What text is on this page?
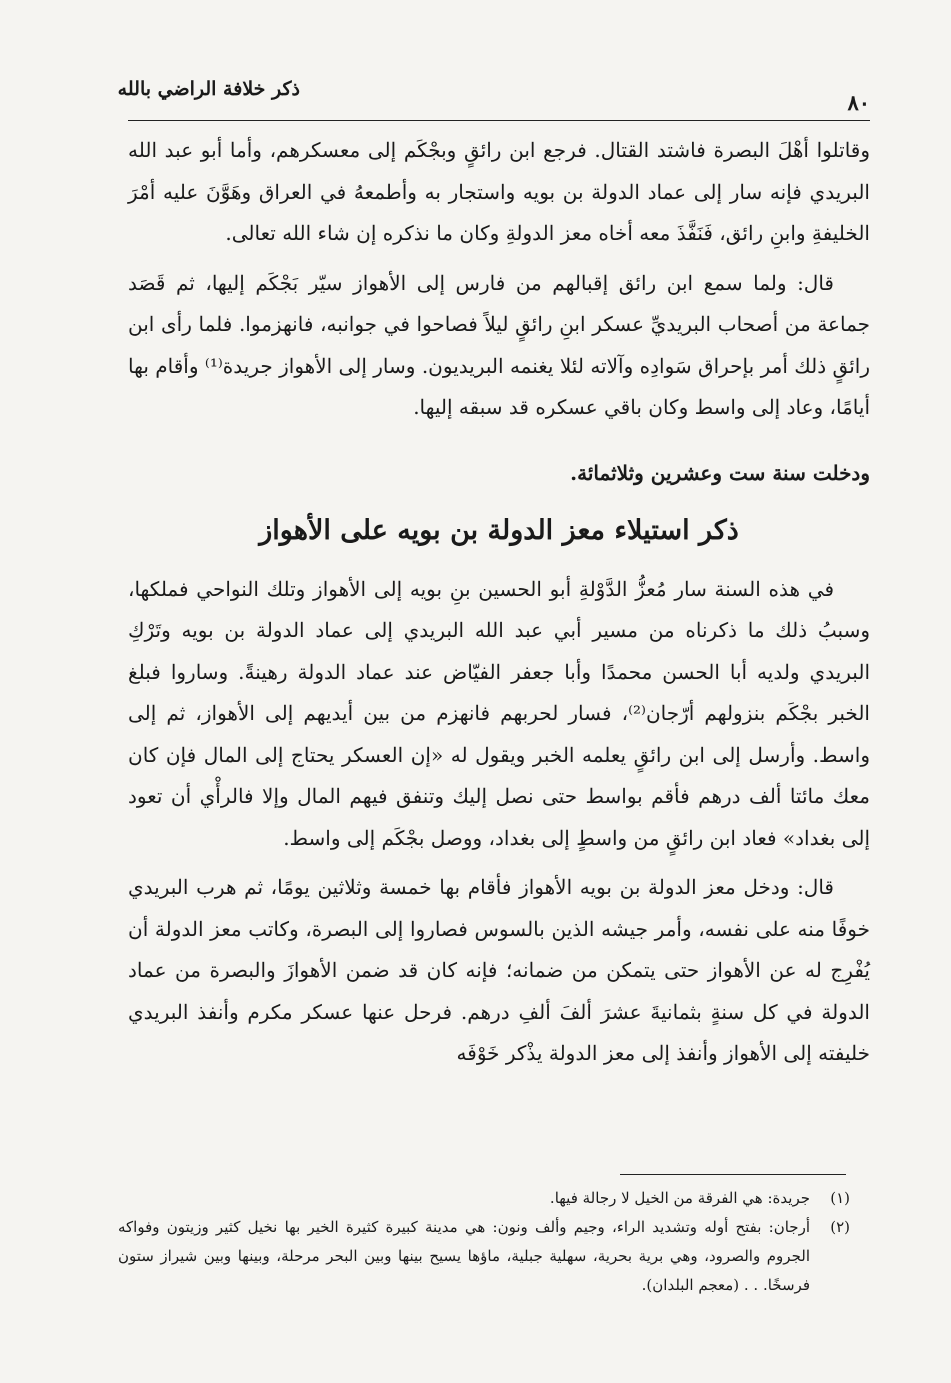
ذكر خلافة الراضي بالله
٨٠

وقاتلوا أهْلَ البصرة فاشتد القتال. فرجع ابن رائقٍ وبجْكَم إلى معسكرهم، وأما أبو عبد الله البريدي فإنه سار إلى عماد الدولة بن بويه واستجار به وأطمعهُ في العراق وهَوَّنَ عليه أمْرَ الخليفةِ وابنِ رائق، فَنَفَّذَ معه أخاه معز الدولةِ وكان ما نذكره إن شاء الله تعالى.

قال: ولما سمع ابن رائق إقبالهم من فارس إلى الأهواز سيّر بَجْكَم إليها، ثم قَصَد جماعة من أصحاب البريديِّ عسكر ابنِ رائقٍ ليلاً فصاحوا في جوانبه، فانهزموا. فلما رأى ابن رائقٍ ذلك أمر بإحراق سَوادِه وآلاته لئلا يغنمه البريديون. وسار إلى الأهواز جريدة⁽¹⁾ وأقام بها أيامًا، وعاد إلى واسط وكان باقي عسكره قد سبقه إليها.

ودخلت سنة ست وعشرين وثلاثمائة.

ذكر استيلاء معز الدولة بن بويه على الأهواز

في هذه السنة سار مُعزُّ الدَّوْلةِ أبو الحسين بنِ بويه إلى الأهواز وتلك النواحي فملكها، وسببُ ذلك ما ذكرناه من مسير أبي عبد الله البريدي إلى عماد الدولة بن بويه وتَرْكِ البريدي ولديه أبا الحسن محمدًا وأبا جعفر الفيّاض عند عماد الدولة رهينةً. وساروا فبلغ الخبر بجْكَم بنزولهم أرّجان⁽²⁾، فسار لحربهم فانهزم من بين أيديهم إلى الأهواز، ثم إلى واسط. وأرسل إلى ابن رائقٍ يعلمه الخبر ويقول له «إن العسكر يحتاج إلى المال فإن كان معك مائتا ألف درهم فأقم بواسط حتى نصل إليك وتنفق فيهم المال وإلا فالرأْي أن تعود إلى بغداد» فعاد ابن رائقٍ من واسطٍ إلى بغداد، ووصل بجْكَم إلى واسط.

قال: ودخل معز الدولة بن بويه الأهواز فأقام بها خمسة وثلاثين يومًا، ثم هرب البريدي خوفًا منه على نفسه، وأمر جيشه الذين بالسوس فصاروا إلى البصرة، وكاتب معز الدولة أن يُفْرِج له عن الأهواز حتى يتمكن من ضمانه؛ فإنه كان قد ضمن الأهوازَ والبصرة من عماد الدولة في كل سنةٍ بثمانيةَ عشرَ ألفَ ألفِ درهم. فرحل عنها عسكر مكرم وأنفذ البريدي خليفته إلى الأهواز وأنفذ إلى معز الدولة يذْكر خَوْفَه

(١)
جريدة: هي الفرقة من الخيل لا رجالة فيها.
(٢)
أرجان: بفتح أوله وتشديد الراء، وجيم وألف ونون: هي مدينة كبيرة كثيرة الخير بها نخيل كثير وزيتون وفواكه الجروم والصرود، وهي برية بحرية، سهلية جبلية، ماؤها يسيح بينها وبين البحر مرحلة، وبينها وبين شيراز ستون فرسخًا. . . (معجم البلدان).
